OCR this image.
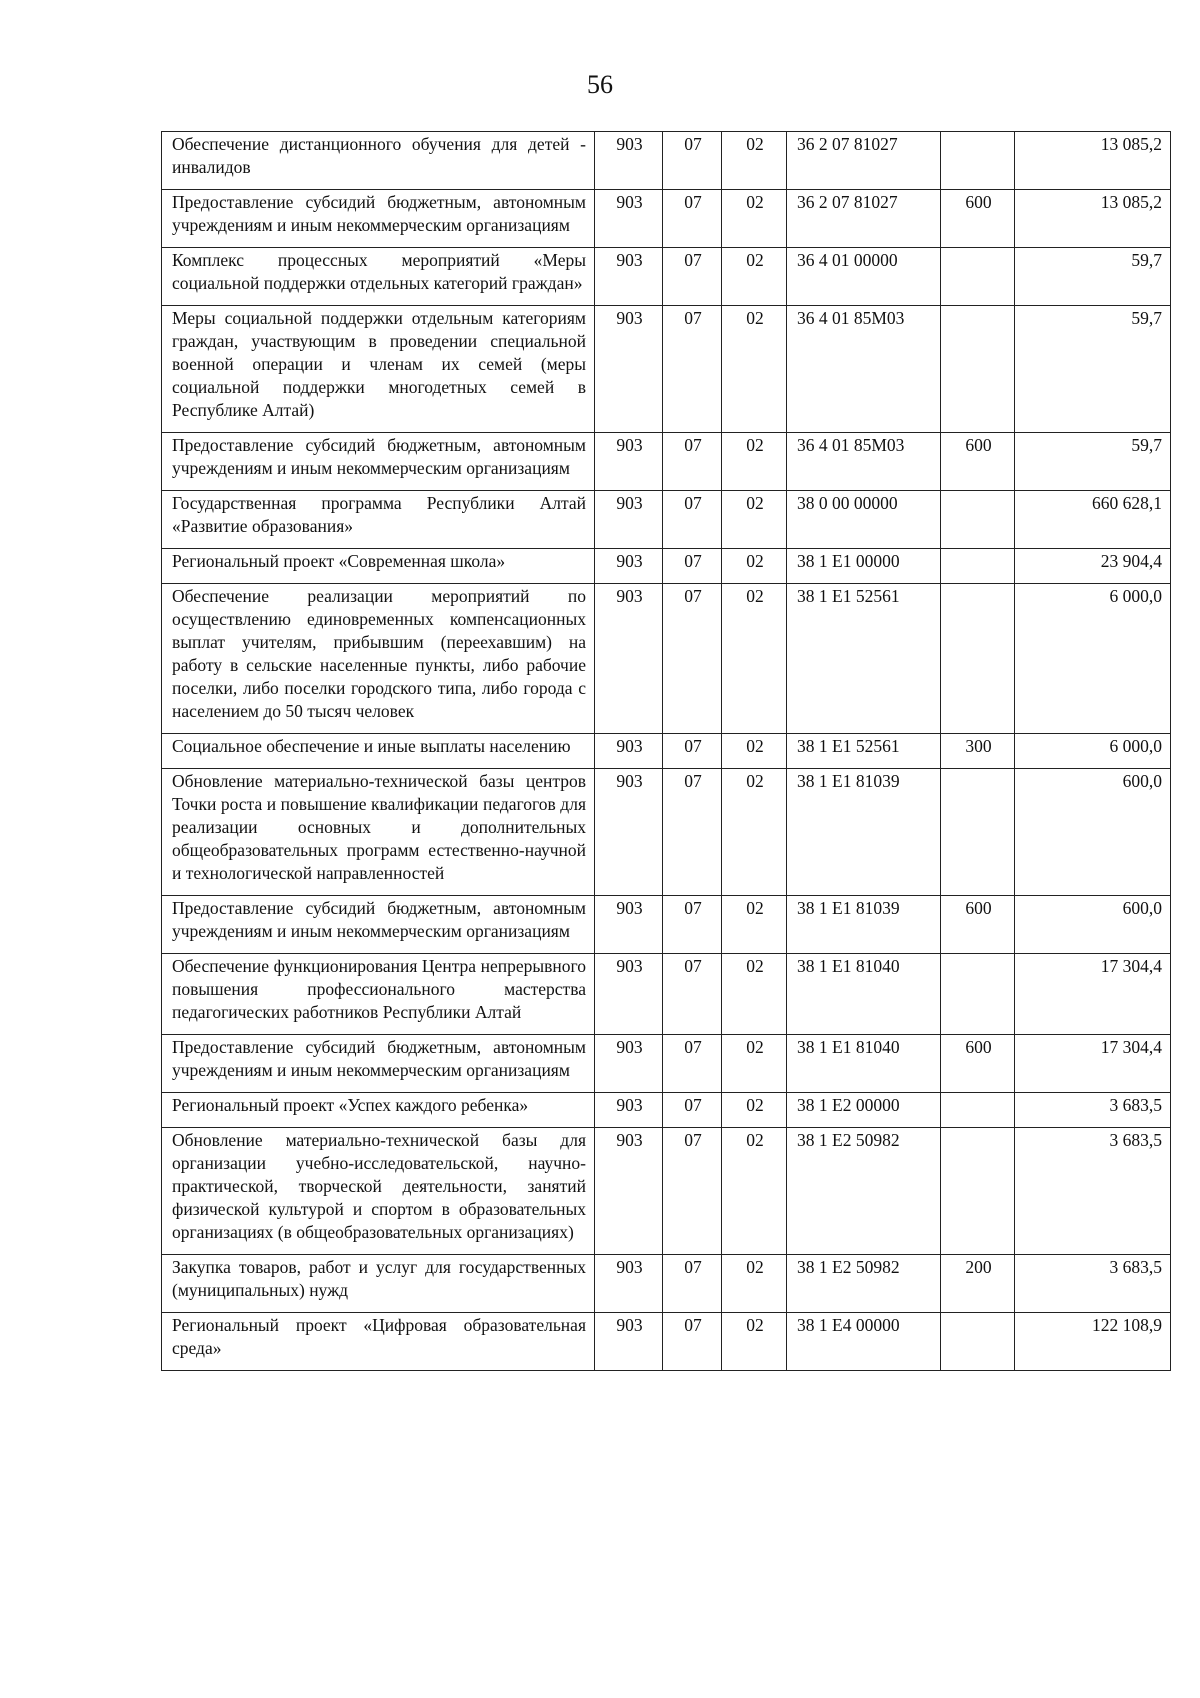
56
Обеспечение дистанционного обучения для детей - инвалидов	903	07	02	36 2 07 81027		13 085,2
Предоставление субсидий бюджетным, автономным учреждениям и иным некоммерческим организациям	903	07	02	36 2 07 81027	600	13 085,2
Комплекс процессных мероприятий «Меры социальной поддержки отдельных категорий граждан»	903	07	02	36 4 01 00000		59,7
Меры социальной поддержки отдельным категориям граждан, участвующим в проведении специальной военной операции и членам их семей (меры социальной поддержки многодетных семей в Республике Алтай)	903	07	02	36 4 01 85М03		59,7
Предоставление субсидий бюджетным, автономным учреждениям и иным некоммерческим организациям	903	07	02	36 4 01 85М03	600	59,7
Государственная программа Республики Алтай «Развитие образования»	903	07	02	38 0 00 00000		660 628,1
Региональный проект «Современная школа»	903	07	02	38 1 Е1 00000		23 904,4
Обеспечение реализации мероприятий по осуществлению единовременных компенсационных выплат учителям, прибывшим (переехавшим) на работу в сельские населенные пункты, либо рабочие поселки, либо поселки городского типа, либо города с населением до 50 тысяч человек	903	07	02	38 1 Е1 52561		6 000,0
Социальное обеспечение и иные выплаты населению	903	07	02	38 1 Е1 52561	300	6 000,0
Обновление материально-технической базы центров Точки роста и повышение квалификации педагогов для реализации основных и дополнительных общеобразовательных программ естественно-научной и технологической направленностей	903	07	02	38 1 Е1 81039		600,0
Предоставление субсидий бюджетным, автономным учреждениям и иным некоммерческим организациям	903	07	02	38 1 Е1 81039	600	600,0
Обеспечение функционирования Центра непрерывного повышения профессионального мастерства педагогических работников Республики Алтай	903	07	02	38 1 Е1 81040		17 304,4
Предоставление субсидий бюджетным, автономным учреждениям и иным некоммерческим организациям	903	07	02	38 1 Е1 81040	600	17 304,4
Региональный проект «Успех каждого ребенка»	903	07	02	38 1 Е2 00000		3 683,5
Обновление материально-технической базы для организации учебно-исследовательской, научно-практической, творческой деятельности, занятий физической культурой и спортом в образовательных организациях (в общеобразовательных организациях)	903	07	02	38 1 Е2 50982		3 683,5
Закупка товаров, работ и услуг для государственных (муниципальных) нужд	903	07	02	38 1 Е2 50982	200	3 683,5
Региональный проект «Цифровая образовательная среда»	903	07	02	38 1 Е4 00000		122 108,9
